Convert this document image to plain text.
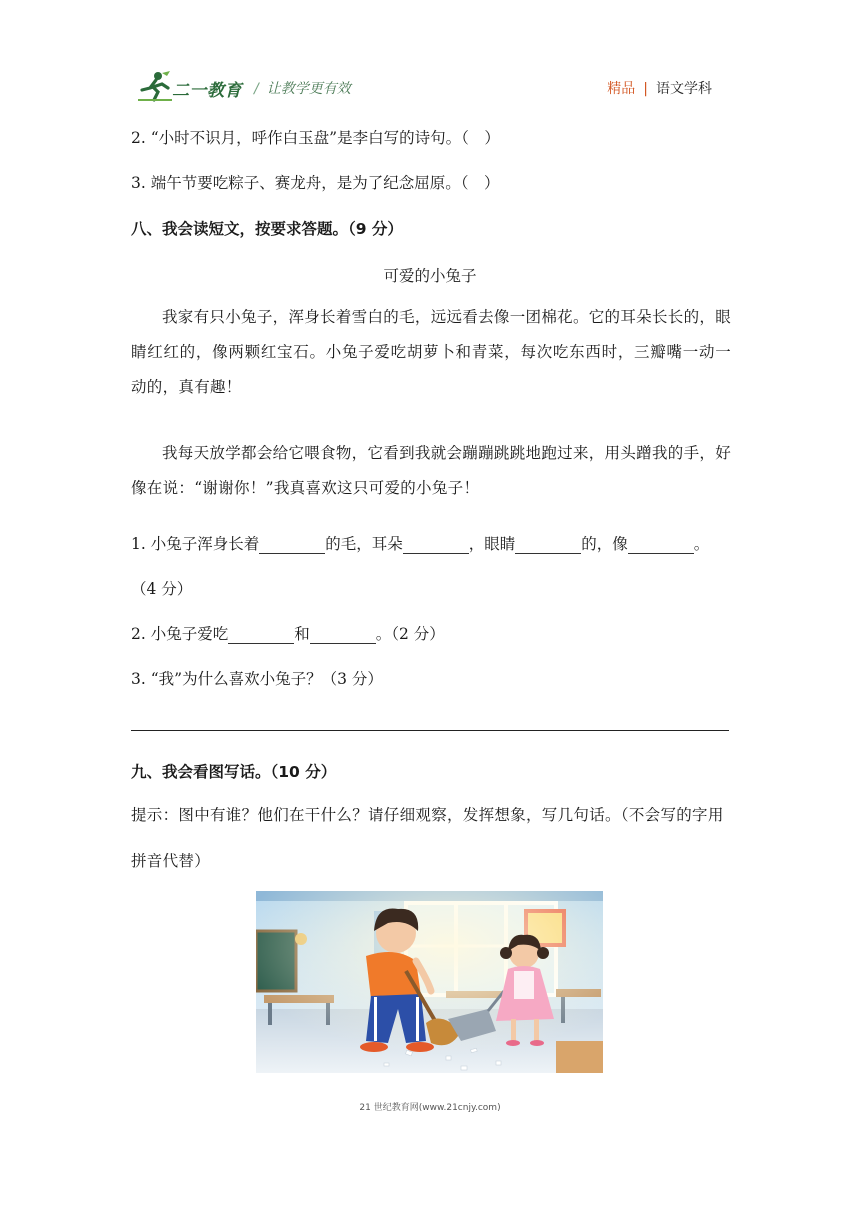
二一教育 / 让教学更有效	精品 | 语文学科
2. “小时不识月，呼作白玉盘”是李白写的诗句。（　）
3. 端午节要吃粽子、赛龙舟，是为了纪念屈原。（　）
八、我会读短文，按要求答题。（9 分）
可爱的小兔子
我家有只小兔子，浑身长着雪白的毛，远远看去像一团棉花。它的耳朵长长的，眼睛红红的，像两颗红宝石。小兔子爱吃胡萝卜和青菜，每次吃东西时，三瓣嘴一动一动的，真有趣！
我每天放学都会给它喂食物，它看到我就会蹦蹦跳跳地跑过来，用头蹭我的手，好像在说：“谢谢你！”我真喜欢这只可爱的小兔子！
1. 小兔子浑身长着	的毛，耳朵	，眼睛	的，像	。
（4 分）
2. 小兔子爱吃	和	。（2 分）
3. “我”为什么喜欢小兔子？（3 分）
九、我会看图写话。（10 分）
提示：图中有谁？他们在干什么？请仔细观察，发挥想象，写几句话。（不会写的字用拼音代替）
21 世纪教育网(www.21cnjy.com)
